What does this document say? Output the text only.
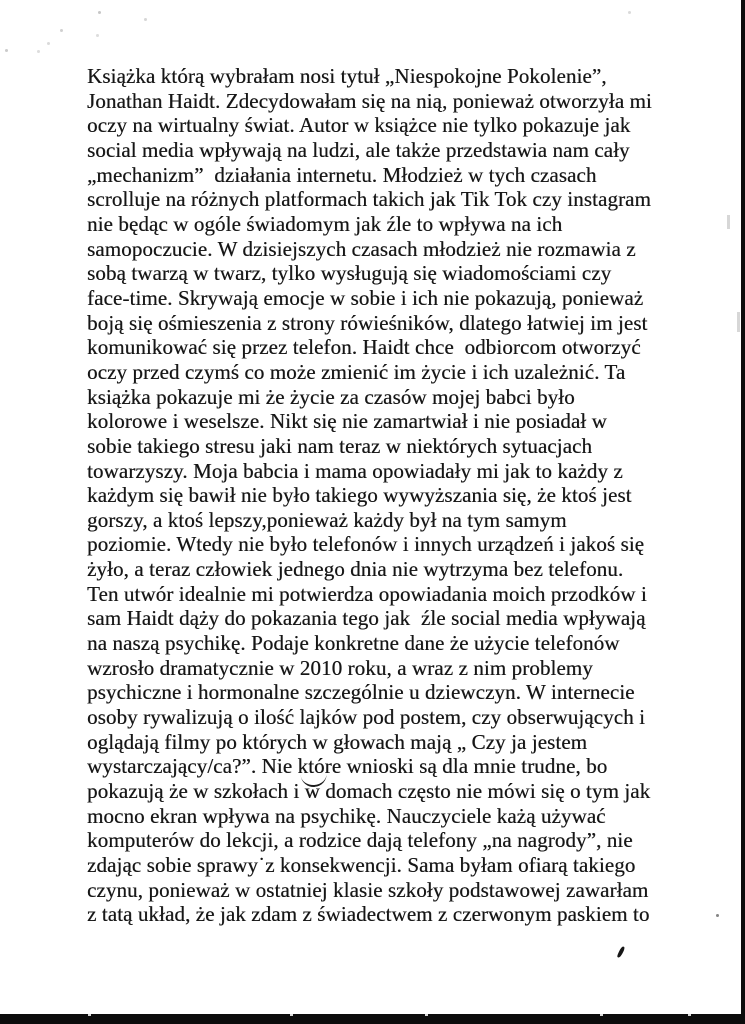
Książka którą wybrałam nosi tytuł „Niespokojne Pokolenie”,
Jonathan Haidt. Zdecydowałam się na nią, ponieważ otworzyła mi
oczy na wirtualny świat. Autor w książce nie tylko pokazuje jak
social media wpływają na ludzi, ale także przedstawia nam cały
„mechanizm”  działania internetu. Młodzież w tych czasach
scrolluje na różnych platformach takich jak Tik Tok czy instagram
nie będąc w ogóle świadomym jak źle to wpływa na ich
samopoczucie. W dzisiejszych czasach młodzież nie rozmawia z
sobą twarzą w twarz, tylko wysługują się wiadomościami czy
face-time. Skrywają emocje w sobie i ich nie pokazują, ponieważ
boją się ośmieszenia z strony rówieśników, dlatego łatwiej im jest
komunikować się przez telefon. Haidt chce  odbiorcom otworzyć
oczy przed czymś co może zmienić im życie i ich uzależnić. Ta
książka pokazuje mi że życie za czasów mojej babci było
kolorowe i weselsze. Nikt się nie zamartwiał i nie posiadał w
sobie takiego stresu jaki nam teraz w niektórych sytuacjach
towarzyszy. Moja babcia i mama opowiadały mi jak to każdy z
każdym się bawił nie było takiego wywyższania się, że ktoś jest
gorszy, a ktoś lepszy,ponieważ każdy był na tym samym
poziomie. Wtedy nie było telefonów i innych urządzeń i jakoś się
żyło, a teraz człowiek jednego dnia nie wytrzyma bez telefonu.
Ten utwór idealnie mi potwierdza opowiadania moich przodków i
sam Haidt dąży do pokazania tego jak  źle social media wpływają
na naszą psychikę. Podaje konkretne dane że użycie telefonów
wzrosło dramatycznie w 2010 roku, a wraz z nim problemy
psychiczne i hormonalne szczególnie u dziewczyn. W internecie
osoby rywalizują o ilość lajków pod postem, czy obserwujących i
oglądają filmy po których w głowach mają „ Czy ja jestem
wystarczający/ca?”. Nie które wnioski są dla mnie trudne, bo
pokazują że w szkołach i w domach często nie mówi się o tym jak
mocno ekran wpływa na psychikę. Nauczyciele każą używać
komputerów do lekcji, a rodzice dają telefony „na nagrody”, nie
zdając sobie sprawy˙z konsekwencji. Sama byłam ofiarą takiego
czynu, ponieważ w ostatniej klasie szkoły podstawowej zawarłam
z tatą układ, że jak zdam z świadectwem z czerwonym paskiem to
